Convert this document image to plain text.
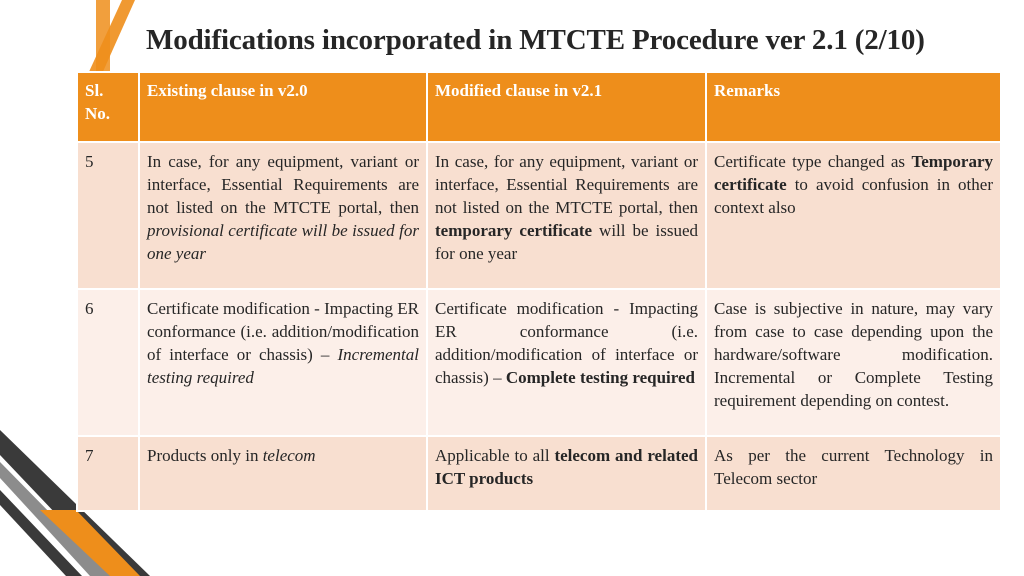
Modifications incorporated in MTCTE Procedure ver 2.1 (2/10)
Sl. No.	Existing clause in v2.0	Modified clause in v2.1	Remarks
5	In case, for any equipment, variant or interface, Essential Requirements are not listed on the MTCTE portal, then provisional certificate will be issued for one year	In case, for any equipment, variant or interface, Essential Requirements are not listed on the MTCTE portal, then temporary certificate will be issued for one year	Certificate type changed as Temporary certificate to avoid confusion in other context also
6	Certificate modification - Impacting ER conformance (i.e. addition/modification of interface or chassis) – Incremental testing required	Certificate modification - Impacting ER conformance (i.e. addition/modification of interface or chassis) – Complete testing required	Case is subjective in nature, may vary from case to case depending upon the hardware/software modification. Incremental or Complete Testing requirement depending on contest.
7	Products only in telecom	Applicable to all telecom and related ICT products	As per the current Technology in Telecom sector
